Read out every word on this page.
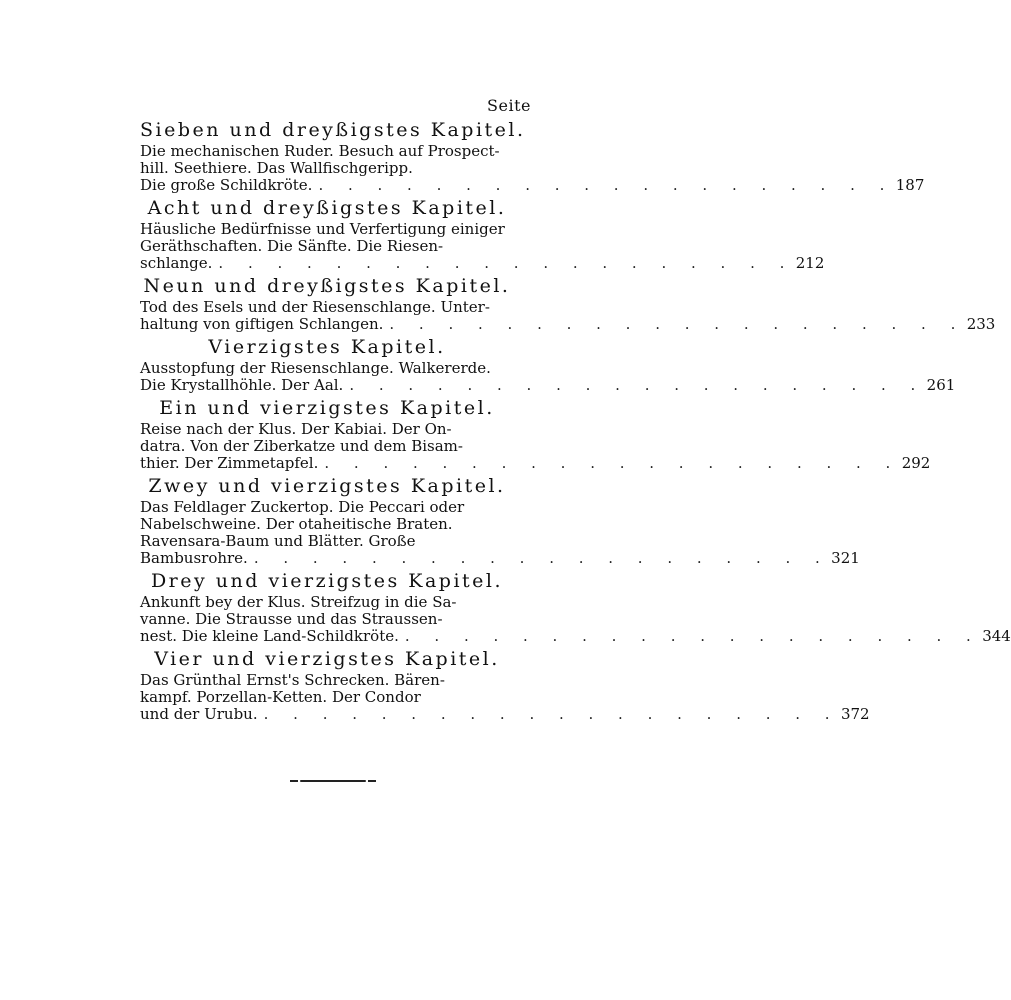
Seite
Sieben und dreyßigstes Kapitel.
Die mechanischen Ruder. Besuch auf Prospect-
hill. Seethiere. Das Wallfischgeripp.
Die große Schildkröte. . . . . . . . . . . . . . . . . . . . . 187
Acht und dreyßigstes Kapitel.
Häusliche Bedürfnisse und Verfertigung einiger
Geräthschaften. Die Sänfte. Die Riesen-
schlange. . . . . . . . . . . . . . . . . . . . . 212
Neun und dreyßigstes Kapitel.
Tod des Esels und der Riesenschlange. Unter-
haltung von giftigen Schlangen. . . . . . . . . . . . . . . . . . . . . 233
Vierzigstes Kapitel.
Ausstopfung der Riesenschlange. Walkererde.
Die Krystallhöhle. Der Aal. . . . . . . . . . . . . . . . . . . . . 261
Ein und vierzigstes Kapitel.
Reise nach der Klus. Der Kabiai. Der On-
datra. Von der Ziberkatze und dem Bisam-
thier. Der Zimmetapfel. . . . . . . . . . . . . . . . . . . . . 292
Zwey und vierzigstes Kapitel.
Das Feldlager Zuckertop. Die Peccari oder
Nabelschweine. Der otaheitische Braten.
Ravensara-Baum und Blätter. Große
Bambusrohre. . . . . . . . . . . . . . . . . . . . . 321
Drey und vierzigstes Kapitel.
Ankunft bey der Klus. Streifzug in die Sa-
vanne. Die Strausse und das Straussen-
nest. Die kleine Land-Schildkröte. . . . . . . . . . . . . . . . . . . . . 344
Vier und vierzigstes Kapitel.
Das Grünthal Ernst's Schrecken. Bären-
kampf. Porzellan-Ketten. Der Condor
und der Urubu. . . . . . . . . . . . . . . . . . . . . 372
